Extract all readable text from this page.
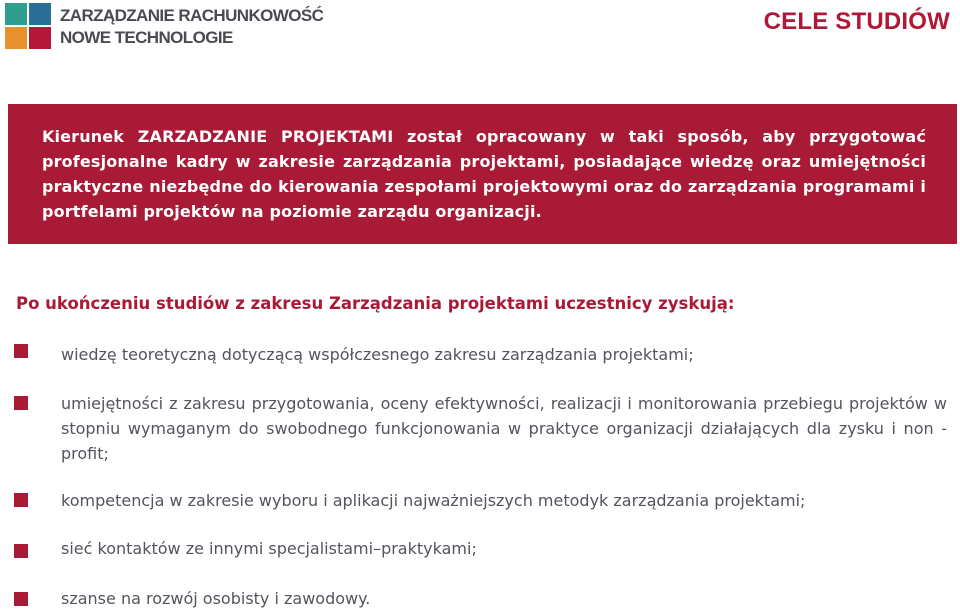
ZARZĄDZANIE RACHUNKOWOŚĆ
NOWE TECHNOLOGIE
CELE STUDIÓW

Kierunek ZARZADZANIE PROJEKTAMI został opracowany w taki sposób, aby przygotować profesjonalne kadry w zakresie zarządzania projektami, posiadające wiedzę oraz umiejętności praktyczne niezbędne do kierowania zespołami projektowymi oraz do zarządzania programami i portfelami projektów na poziomie zarządu organizacji.

Po ukończeniu studiów z zakresu Zarządzania projektami uczestnicy zyskują:
wiedzę teoretyczną dotyczącą współczesnego zakresu zarządzania projektami;
umiejętności z zakresu przygotowania, oceny efektywności, realizacji i monitorowania przebiegu projektów w stopniu wymaganym do swobodnego funkcjonowania w praktyce organizacji działających dla zysku i non - profit;
kompetencja w zakresie wyboru i aplikacji najważniejszych metodyk zarządzania projektami;
sieć kontaktów ze innymi specjalistami–praktykami;
szanse na rozwój osobisty i zawodowy.
